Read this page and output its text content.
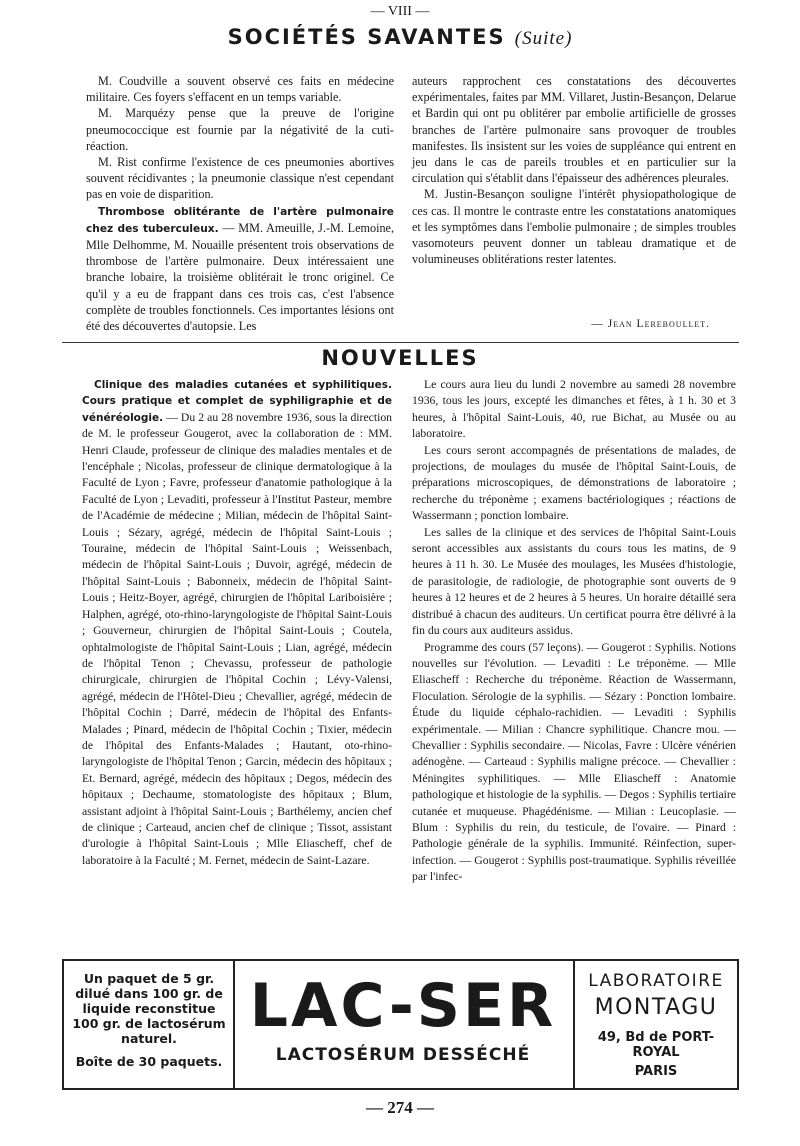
— VIII —
SOCIÉTÉS SAVANTES (Suite)

M. Coudville a souvent observé ces faits en médecine militaire. Ces foyers s'effacent en un temps variable.

M. Marquézy pense que la preuve de l'origine pneumococcique est fournie par la négativité de la cuti-réaction.

M. Rist confirme l'existence de ces pneumonies abortives souvent récidivantes ; la pneumonie classique n'est cependant pas en voie de disparition.

Thrombose oblitérante de l'artère pulmonaire chez des tuberculeux. — MM. Ameuille, J.-M. Lemoine, Mlle Delhomme, M. Nouaille présentent trois observations de thrombose de l'artère pulmonaire. Deux intéressaient une branche lobaire, la troisième oblitérait le tronc originel. Ce qu'il y a eu de frappant dans ces trois cas, c'est l'absence complète de troubles fonctionnels. Ces importantes lésions ont été des découvertes d'autopsie. Les

auteurs rapprochent ces constatations des découvertes expérimentales, faites par MM. Villaret, Justin-Besançon, Delarue et Bardin qui ont pu oblitérer par embolie artificielle de grosses branches de l'artère pulmonaire sans provoquer de troubles manifestes. Ils insistent sur les voies de suppléance qui entrent en jeu dans le cas de pareils troubles et en particulier sur la circulation qui s'établit dans l'épaisseur des adhérences pleurales.

M. Justin-Besançon souligne l'intérêt physiopathologique de ces cas. Il montre le contraste entre les constatations anatomiques et les symptômes dans l'embolie pulmonaire ; de simples troubles vasomoteurs peuvent donner un tableau dramatique et de volumineuses oblitérations rester latentes.

— Jean Lereboullet.
NOUVELLES

Clinique des maladies cutanées et syphilitiques. Cours pratique et complet de syphiligraphie et de vénéréologie. — Du 2 au 28 novembre 1936, sous la direction de M. le professeur Gougerot, avec la collaboration de : MM. Henri Claude, professeur de clinique des maladies mentales et de l'encéphale ; Nicolas, professeur de clinique dermatologique à la Faculté de Lyon ; Favre, professeur d'anatomie pathologique à la Faculté de Lyon ; Levaditi, professeur à l'Institut Pasteur, membre de l'Académie de médecine ; Milian, médecin de l'hôpital Saint-Louis ; Sézary, agrégé, médecin de l'hôpital Saint-Louis ; Touraine, médecin de l'hôpital Saint-Louis ; Weissenbach, médecin de l'hôpital Saint-Louis ; Duvoir, agrégé, médecin de l'hôpital Saint-Louis ; Babonneix, médecin de l'hôpital Saint-Louis ; Heitz-Boyer, agrégé, chirurgien de l'hôpital Lariboisière ; Halphen, agrégé, oto-rhino-laryngologiste de l'hôpital Saint-Louis ; Gouverneur, chirurgien de l'hôpital Saint-Louis ; Coutela, ophtalmologiste de l'hôpital Saint-Louis ; Lian, agrégé, médecin de l'hôpital Tenon ; Chevassu, professeur de pathologie chirurgicale, chirurgien de l'hôpital Cochin ; Lévy-Valensi, agrégé, médecin de l'Hôtel-Dieu ; Chevallier, agrégé, médecin de l'hôpital Cochin ; Darré, médecin de l'hôpital des Enfants-Malades ; Pinard, médecin de l'hôpital Cochin ; Tixier, médecin de l'hôpital des Enfants-Malades ; Hautant, oto-rhino-laryngologiste de l'hôpital Tenon ; Garcin, médecin des hôpitaux ; Et. Bernard, agrégé, médecin des hôpitaux ; Degos, médecin des hôpitaux ; Dechaume, stomatologiste des hôpitaux ; Blum, assistant adjoint à l'hôpital Saint-Louis ; Barthélemy, ancien chef de clinique ; Carteaud, ancien chef de clinique ; Tissot, assistant d'urologie à l'hôpital Saint-Louis ; Mlle Eliascheff, chef de laboratoire à la Faculté ; M. Fernet, médecin de Saint-Lazare.

Le cours aura lieu du lundi 2 novembre au samedi 28 novembre 1936, tous les jours, excepté les dimanches et fêtes, à 1 h. 30 et 3 heures, à l'hôpital Saint-Louis, 40, rue Bichat, au Musée ou au laboratoire.

Les cours seront accompagnés de présentations de malades, de projections, de moulages du musée de l'hôpital Saint-Louis, de préparations microscopiques, de démonstrations de laboratoire ; recherche du tréponème ; examens bactériologiques ; réactions de Wassermann ; ponction lombaire.

Les salles de la clinique et des services de l'hôpital Saint-Louis seront accessibles aux assistants du cours tous les matins, de 9 heures à 11 h. 30. Le Musée des moulages, les Musées d'histologie, de parasitologie, de radiologie, de photographie sont ouverts de 9 heures à 12 heures et de 2 heures à 5 heures. Un horaire détaillé sera distribué à chacun des auditeurs. Un certificat pourra être délivré à la fin du cours aux auditeurs assidus.

Programme des cours (57 leçons). — Gougerot : Syphilis. Notions nouvelles sur l'évolution. — Levaditi : Le tréponème. — Mlle Eliascheff : Recherche du tréponème. Réaction de Wassermann, Floculation. Sérologie de la syphilis. — Sézary : Ponction lombaire. Étude du liquide céphalo-rachidien. — Levaditi : Syphilis expérimentale. — Milian : Chancre syphilitique. Chancre mou. — Chevallier : Syphilis secondaire. — Nicolas, Favre : Ulcère vénérien adénogène. — Carteaud : Syphilis maligne précoce. — Chevallier : Méningites syphilitiques. — Mlle Eliascheff : Anatomie pathologique et histologie de la syphilis. — Degos : Syphilis tertiaire cutanée et muqueuse. Phagédénisme. — Milian : Leucoplasie. — Blum : Syphilis du rein, du testicule, de l'ovaire. — Pinard : Pathologie générale de la syphilis. Immunité. Réinfection, super-infection. — Gougerot : Syphilis post-traumatique. Syphilis réveillée par l'infec-

Un paquet de 5 gr.
dilué dans 100 gr. de
liquide reconstitue
100 gr. de lactosérum
naturel.
Boîte de 30 paquets.
LAC-SER
LACTOSÉRUM DESSÉCHÉ
LABORATOIRE
MONTAGU
49, Bd de PORT-ROYAL
PARIS
— 274 —
